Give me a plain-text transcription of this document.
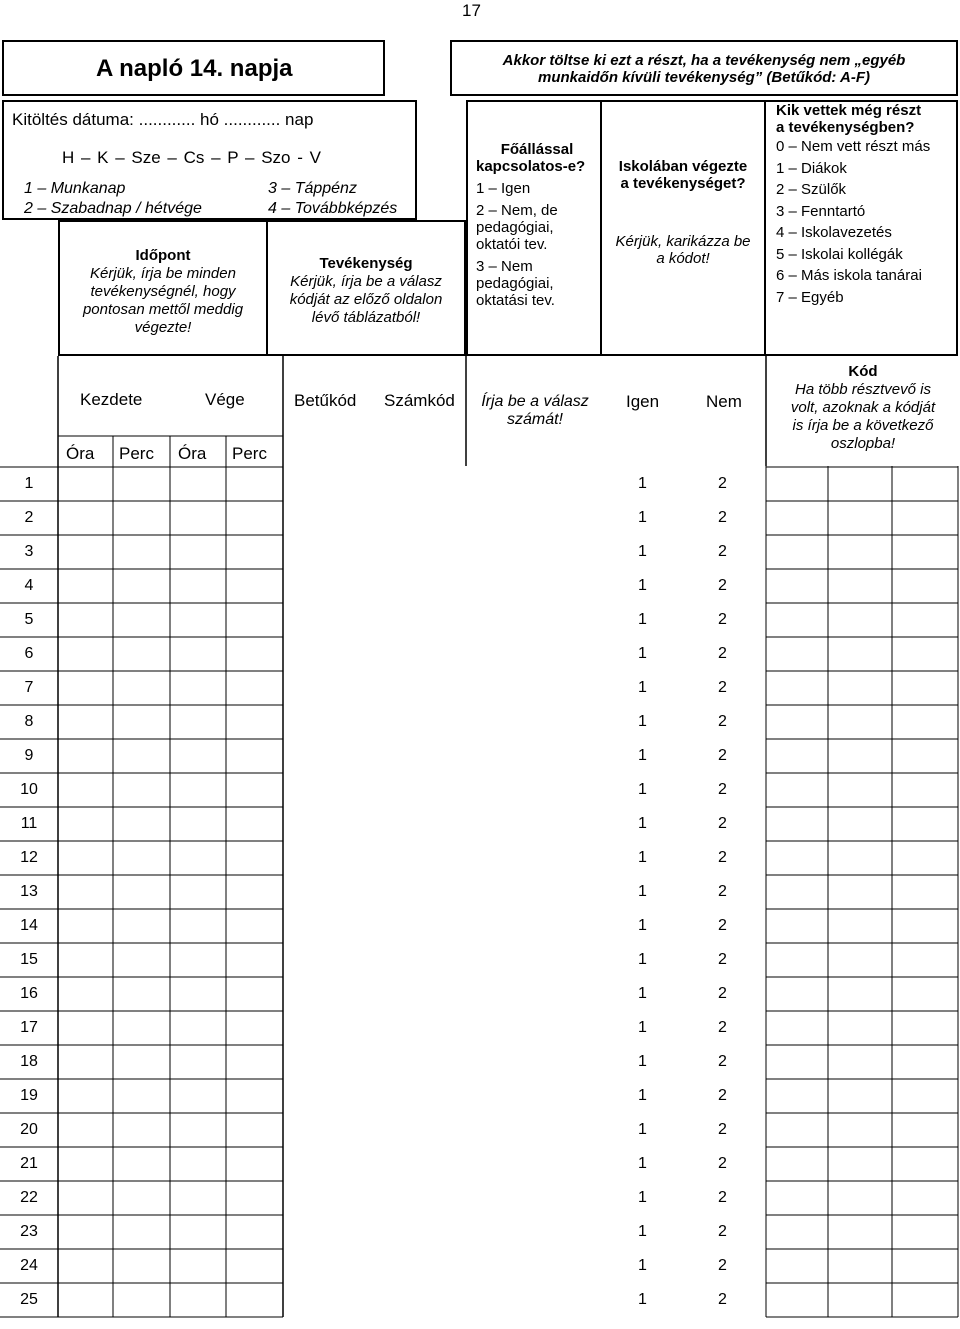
17
A napló 14. napja	Akkor töltse ki ezt a részt, ha a tevékenység nem „egyéb
munkaidőn kívüli tevékenység” (Betűkód: A-F)
Kitöltés dátuma: ............ hó ............ nap
H – K – Sze – Cs – P – Szo - V
1 – Munkanap
2 – Szabadnap / hétvége
3 – Táppénz
4 – Továbbképzés
Időpont
Kérjük, írja be minden
tevékenységnél, hogy
pontosan mettől meddig
végezte!
Tevékenység
Kérjük, írja be a válasz
kódját az előző oldalon
lévő táblázatból!
Főállással
kapcsolatos-e?
1 – Igen
2 – Nem, de
pedagógiai,
oktatói tev.
3 – Nem
pedagógiai,
oktatási tev.
Iskolában végezte
a tevékenységet?
Kérjük, karikázza be
a kódot!
Kik vettek még részt
a tevékenységben?
0 – Nem vett részt más
1 – Diákok
2 – Szülők
3 – Fenntartó
4 – Iskolavezetés
5 – Iskolai kollégák
6 – Más iskola tanárai
7 – Egyéb
Kezdete	Vége	Betűkód Számkód	Írja be a válasz
számát!
Igen	Nem
Kód
Ha több résztvevő is
volt, azoknak a kódját
is írja be a következő
oszlopba!
Óra Perc Óra Perc
1	1	2
2	1	2
3	1	2
4	1	2
5	1	2
6	1	2
7	1	2
8	1	2
9	1	2
10	1	2
11	1	2
12	1	2
13	1	2
14	1	2
15	1	2
16	1	2
17	1	2
18	1	2
19	1	2
20	1	2
21	1	2
22	1	2
23	1	2
24	1	2
25	1	2
